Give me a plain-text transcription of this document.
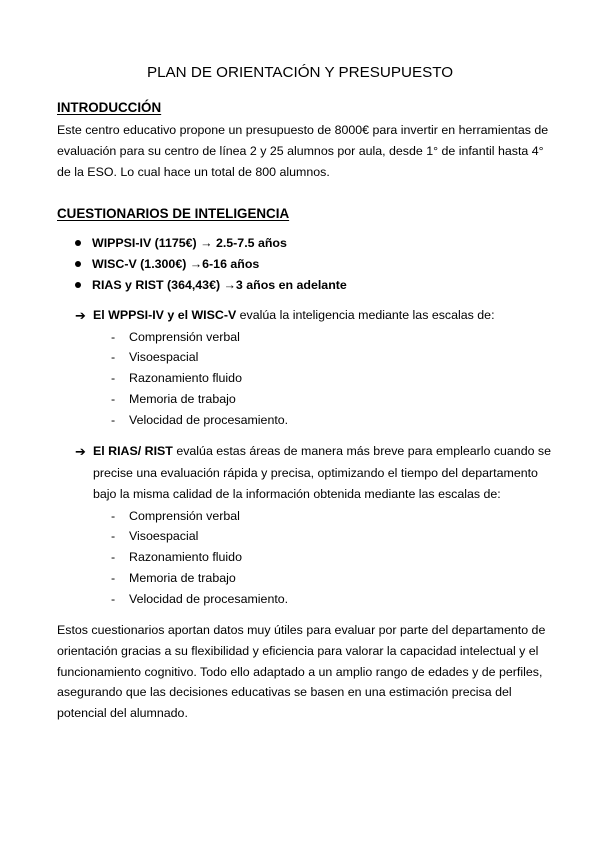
PLAN DE ORIENTACIÓN Y PRESUPUESTO
INTRODUCCIÓN
Este centro educativo propone un presupuesto de 8000€ para invertir en herramientas de
evaluación para su centro de línea 2 y 25 alumnos por aula, desde 1° de infantil hasta 4°
de la ESO. Lo cual hace un total de 800 alumnos.
CUESTIONARIOS DE INTELIGENCIA
WIPPSI-IV (1175€) → 2.5-7.5 años
WISC-V (1.300€) →6-16 años
RIAS y RIST (364,43€) →3 años en adelante
➔ El WPPSI-IV y el WISC-V evalúa la inteligencia mediante las escalas de:
- Comprensión verbal
- Visoespacial
- Razonamiento fluido
- Memoria de trabajo
- Velocidad de procesamiento.
➔ El RIAS/ RIST evalúa estas áreas de manera más breve para emplearlo cuando se
precise una evaluación rápida y precisa, optimizando el tiempo del departamento
bajo la misma calidad de la información obtenida mediante las escalas de:
- Comprensión verbal
- Visoespacial
- Razonamiento fluido
- Memoria de trabajo
- Velocidad de procesamiento.
Estos cuestionarios aportan datos muy útiles para evaluar por parte del departamento de
orientación gracias a su flexibilidad y eficiencia para valorar la capacidad intelectual y el
funcionamiento cognitivo. Todo ello adaptado a un amplio rango de edades y de perfiles,
asegurando que las decisiones educativas se basen en una estimación precisa del
potencial del alumnado.
